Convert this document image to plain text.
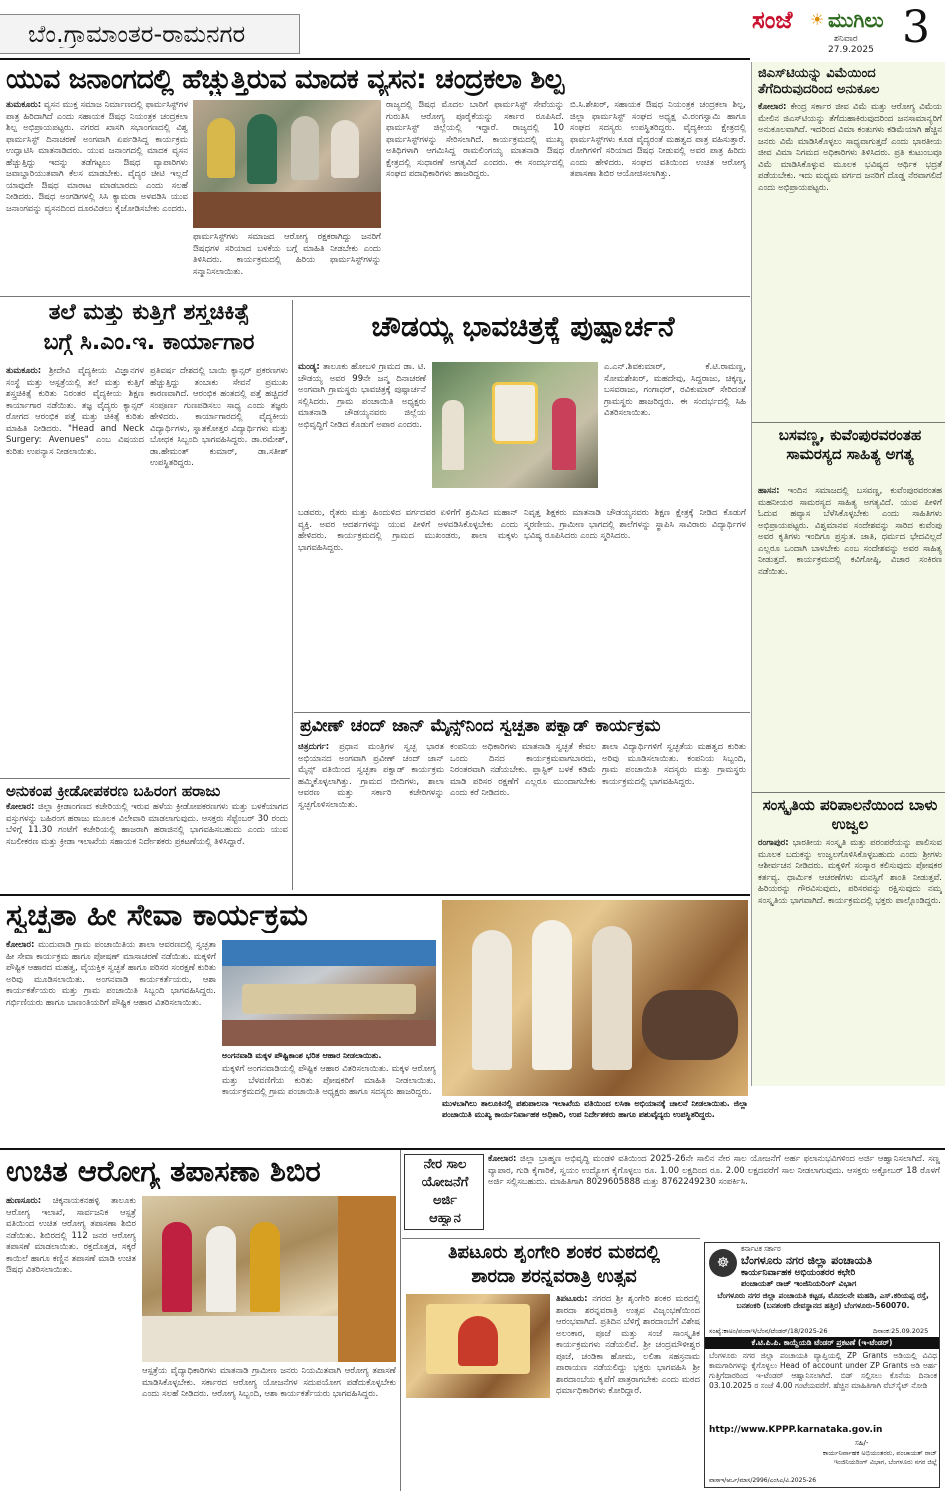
ಬೆಂ.ಗ್ರಾಮಾಂತರ-ರಾಮನಗರ	ಸಂಜೆ ☀ ಮುಗಿಲು
ಶನಿವಾರ
27.9.2025 3
ಯುವ ಜನಾಂಗದಲ್ಲಿ ಹೆಚ್ಚುತ್ತಿರುವ ಮಾದಕ ವ್ಯಸನ: ಚಂದ್ರಕಲಾ ಶಿಲ್ಪ
ತುಮಕೂರು: ವ್ಯಸನ ಮುಕ್ತ ಸಮಾಜ ನಿರ್ಮಾಣದಲ್ಲಿ ಫಾರ್ಮಸಿಸ್ಟ್‌ಗಳ ಪಾತ್ರ ಹಿರಿದಾಗಿದೆ ಎಂದು ಸಹಾಯಕ ಔಷಧ ನಿಯಂತ್ರಕ ಚಂದ್ರಕಲಾ ಶಿಲ್ಪ ಅಭಿಪ್ರಾಯಪಟ್ಟರು. ನಗರದ ಖಾಸಗಿ ಸಭಾಂಗಣದಲ್ಲಿ ವಿಶ್ವ ಫಾರ್ಮಸಿಸ್ಟ್ ದಿನಾಚರಣೆ ಅಂಗವಾಗಿ ಏರ್ಪಡಿಸಿದ್ದ ಕಾರ್ಯಕ್ರಮ ಉದ್ಘಾಟಿಸಿ ಮಾತನಾಡಿದರು. ಯುವ ಜನಾಂಗದಲ್ಲಿ ಮಾದಕ ವ್ಯಸನ ಹೆಚ್ಚುತ್ತಿದ್ದು ಇದನ್ನು ತಡೆಗಟ್ಟಲು ಔಷಧ ವ್ಯಾಪಾರಿಗಳು ಜವಾಬ್ದಾರಿಯುತವಾಗಿ ಕೆಲಸ ಮಾಡಬೇಕು. ವೈದ್ಯರ ಚೀಟಿ ಇಲ್ಲದೆ ಯಾವುದೇ ಔಷಧ ಮಾರಾಟ ಮಾಡಬಾರದು ಎಂದು ಸಲಹೆ ನೀಡಿದರು. ಔಷಧ ಅಂಗಡಿಗಳಲ್ಲಿ ಸಿಸಿ ಕ್ಯಾಮರಾ ಅಳವಡಿಸಿ ಯುವ ಜನಾಂಗವನ್ನು ವ್ಯಸನದಿಂದ ದೂರವಿಡಲು ಕೈಜೋಡಿಸಬೇಕು ಎಂದರು.
ಫಾರ್ಮಸಿಸ್ಟ್‌ಗಳು ಸಮಾಜದ ಆರೋಗ್ಯ ರಕ್ಷಕರಾಗಿದ್ದು ಜನರಿಗೆ ಔಷಧಗಳ ಸರಿಯಾದ ಬಳಕೆಯ ಬಗ್ಗೆ ಮಾಹಿತಿ ನೀಡಬೇಕು ಎಂದು ತಿಳಿಸಿದರು. ಕಾರ್ಯಕ್ರಮದಲ್ಲಿ ಹಿರಿಯ ಫಾರ್ಮಸಿಸ್ಟ್‌ಗಳನ್ನು ಸನ್ಮಾನಿಸಲಾಯಿತು.
ರಾಜ್ಯದಲ್ಲಿ ಔಷಧ ಮೊದಲ ಬಾರಿಗೆ ಫಾರ್ಮಸಿಸ್ಟ್ ಸೇವೆಯನ್ನು ಗುರುತಿಸಿ ಆರೋಗ್ಯ ಪೂರೈಕೆಯನ್ನು ಸರ್ಕಾರ ರೂಪಿಸಿದೆ. ಫಾರ್ಮಸಿಸ್ಟ್ ಜಿಲ್ಲೆಯಲ್ಲಿ ಇದ್ದಾರೆ. ರಾಜ್ಯದಲ್ಲಿ 10 ಫಾರ್ಮಸಿಸ್ಟ್‌ಗಳನ್ನು ಸೇರಿಸಲಾಗಿದೆ. ಕಾರ್ಯಕ್ರಮದಲ್ಲಿ ಮುಖ್ಯ ಅತಿಥಿಗಳಾಗಿ ಆಗಮಿಸಿದ್ದ ರಾಮಲಿಂಗಯ್ಯ ಮಾತನಾಡಿ ಔಷಧ ಕ್ಷೇತ್ರದಲ್ಲಿ ಸುಧಾರಣೆ ಅಗತ್ಯವಿದೆ ಎಂದರು. ಈ ಸಂದರ್ಭದಲ್ಲಿ ಸಂಘದ ಪದಾಧಿಕಾರಿಗಳು ಹಾಜರಿದ್ದರು.
ಬಿ.ಸಿ.ಶೇಖರ್, ಸಹಾಯಕ ಔಷಧ ನಿಯಂತ್ರಕ ಚಂದ್ರಕಲಾ ಶಿಲ್ಪ, ಜಿಲ್ಲಾ ಫಾರ್ಮಸಿಸ್ಟ್ ಸಂಘದ ಅಧ್ಯಕ್ಷ ವಿ.ರಂಗಸ್ವಾಮಿ ಹಾಗೂ ಸಂಘದ ಸದಸ್ಯರು ಉಪಸ್ಥಿತರಿದ್ದರು. ವೈದ್ಯಕೀಯ ಕ್ಷೇತ್ರದಲ್ಲಿ ಫಾರ್ಮಸಿಸ್ಟ್‌ಗಳು ಕೂಡ ವೈದ್ಯರಂತೆ ಮಹತ್ವದ ಪಾತ್ರ ವಹಿಸುತ್ತಾರೆ. ರೋಗಿಗಳಿಗೆ ಸರಿಯಾದ ಔಷಧ ನೀಡುವಲ್ಲಿ ಅವರ ಪಾತ್ರ ಹಿರಿದು ಎಂದು ಹೇಳಿದರು. ಸಂಘದ ವತಿಯಿಂದ ಉಚಿತ ಆರೋಗ್ಯ ತಪಾಸಣಾ ಶಿಬಿರ ಆಯೋಜಿಸಲಾಗಿತ್ತು.
ತಲೆ ಮತ್ತು ಕುತ್ತಿಗೆ ಶಸ್ತ್ರಚಿಕಿತ್ಸೆ
ಬಗ್ಗೆ ಸಿ.ಎಂ.ಇ. ಕಾರ್ಯಾಗಾರ
ತುಮಕೂರು: ಶ್ರೀದೇವಿ ವೈದ್ಯಕೀಯ ವಿಜ್ಞಾನಗಳ ಸಂಸ್ಥೆ ಮತ್ತು ಆಸ್ಪತ್ರೆಯಲ್ಲಿ ತಲೆ ಮತ್ತು ಕುತ್ತಿಗೆ ಶಸ್ತ್ರಚಿಕಿತ್ಸೆ ಕುರಿತು ನಿರಂತರ ವೈದ್ಯಕೀಯ ಶಿಕ್ಷಣ ಕಾರ್ಯಾಗಾರ ನಡೆಯಿತು. ತಜ್ಞ ವೈದ್ಯರು ಕ್ಯಾನ್ಸರ್ ರೋಗದ ಆರಂಭಿಕ ಪತ್ತೆ ಮತ್ತು ಚಿಕಿತ್ಸೆ ಕುರಿತು ಮಾಹಿತಿ ನೀಡಿದರು. "Head and Neck Surgery: Avenues" ಎಂಬ ವಿಷಯದ ಕುರಿತು ಉಪನ್ಯಾಸ ನೀಡಲಾಯಿತು.
ಪ್ರತಿವರ್ಷ ದೇಶದಲ್ಲಿ ಬಾಯಿ ಕ್ಯಾನ್ಸರ್ ಪ್ರಕರಣಗಳು ಹೆಚ್ಚುತ್ತಿದ್ದು ತಂಬಾಕು ಸೇವನೆ ಪ್ರಮುಖ ಕಾರಣವಾಗಿದೆ. ಆರಂಭಿಕ ಹಂತದಲ್ಲಿ ಪತ್ತೆ ಹಚ್ಚಿದರೆ ಸಂಪೂರ್ಣ ಗುಣಪಡಿಸಲು ಸಾಧ್ಯ ಎಂದು ತಜ್ಞರು ಹೇಳಿದರು. ಕಾರ್ಯಾಗಾರದಲ್ಲಿ ವೈದ್ಯಕೀಯ ವಿದ್ಯಾರ್ಥಿಗಳು, ಸ್ನಾತಕೋತ್ತರ ವಿದ್ಯಾರ್ಥಿಗಳು ಮತ್ತು ಬೋಧಕ ಸಿಬ್ಬಂದಿ ಭಾಗವಹಿಸಿದ್ದರು. ಡಾ.ರಮೇಶ್, ಡಾ.ಹೇಮಂತ್ ಕುಮಾರ್, ಡಾ.ಸತೀಶ್ ಉಪಸ್ಥಿತರಿದ್ದರು.
ಅನುಕಂಪ ಕ್ರೀಡೋಪಕರಣ ಬಹಿರಂಗ ಹರಾಜು
ಕೋಲಾರ: ಜಿಲ್ಲಾ ಕ್ರೀಡಾಂಗಣದ ಕಚೇರಿಯಲ್ಲಿ ಇರುವ ಹಳೆಯ ಕ್ರೀಡೋಪಕರಣಗಳು ಮತ್ತು ಬಳಕೆಯಾಗದ ವಸ್ತುಗಳನ್ನು ಬಹಿರಂಗ ಹರಾಜು ಮೂಲಕ ವಿಲೇವಾರಿ ಮಾಡಲಾಗುವುದು. ಆಸಕ್ತರು ಸೆಪ್ಟೆಂಬರ್ 30 ರಂದು ಬೆಳಿಗ್ಗೆ 11.30 ಗಂಟೆಗೆ ಕಚೇರಿಯಲ್ಲಿ ಹಾಜರಾಗಿ ಹರಾಜಿನಲ್ಲಿ ಭಾಗವಹಿಸಬಹುದು ಎಂದು ಯುವ ಸಬಲೀಕರಣ ಮತ್ತು ಕ್ರೀಡಾ ಇಲಾಖೆಯ ಸಹಾಯಕ ನಿರ್ದೇಶಕರು ಪ್ರಕಟಣೆಯಲ್ಲಿ ತಿಳಿಸಿದ್ದಾರೆ.
ಚೌಡಯ್ಯ ಭಾವಚಿತ್ರಕ್ಕೆ ಪುಷ್ಪಾರ್ಚನೆ
ಮಂಡ್ಯ: ತಾಲೂಕು ಹೋಬಳಿ ಗ್ರಾಮದ ಡಾ. ಟಿ. ಚೌಡಯ್ಯ ಅವರ 99ನೇ ಜನ್ಮ ದಿನಾಚರಣೆ ಅಂಗವಾಗಿ ಗ್ರಾಮಸ್ಥರು ಭಾವಚಿತ್ರಕ್ಕೆ ಪುಷ್ಪಾರ್ಚನೆ ಸಲ್ಲಿಸಿದರು. ಗ್ರಾಮ ಪಂಚಾಯಿತಿ ಅಧ್ಯಕ್ಷರು ಮಾತನಾಡಿ ಚೌಡಯ್ಯನವರು ಜಿಲ್ಲೆಯ ಅಭಿವೃದ್ಧಿಗೆ ನೀಡಿದ ಕೊಡುಗೆ ಅಪಾರ ಎಂದರು.
ಎ.ಎನ್.ಶಿವಕುಮಾರ್, ಕೆ.ಟಿ.ರಾಮಣ್ಣ, ಸೋಮಶೇಖರ್, ಮಹದೇವು, ಸಿದ್ದರಾಜು, ಚಿಕ್ಕಣ್ಣ, ಬಸವರಾಜು, ಗಂಗಾಧರ್, ರವಿಕುಮಾರ್ ಸೇರಿದಂತೆ ಗ್ರಾಮಸ್ಥರು ಹಾಜರಿದ್ದರು. ಈ ಸಂದರ್ಭದಲ್ಲಿ ಸಿಹಿ ವಿತರಿಸಲಾಯಿತು.
ಬಡವರು, ರೈತರು ಮತ್ತು ಹಿಂದುಳಿದ ವರ್ಗದವರ ಏಳಿಗೆಗೆ ಶ್ರಮಿಸಿದ ಮಹಾನ್ ವ್ಯಕ್ತಿ. ಅವರ ಆದರ್ಶಗಳನ್ನು ಯುವ ಪೀಳಿಗೆ ಅಳವಡಿಸಿಕೊಳ್ಳಬೇಕು ಎಂದು ಹೇಳಿದರು. ಕಾರ್ಯಕ್ರಮದಲ್ಲಿ ಗ್ರಾಮದ ಮುಖಂಡರು, ಶಾಲಾ ಮಕ್ಕಳು ಭಾಗವಹಿಸಿದ್ದರು.
ನಿವೃತ್ತ ಶಿಕ್ಷಕರು ಮಾತನಾಡಿ ಚೌಡಯ್ಯನವರು ಶಿಕ್ಷಣ ಕ್ಷೇತ್ರಕ್ಕೆ ನೀಡಿದ ಕೊಡುಗೆ ಸ್ಮರಣೀಯ. ಗ್ರಾಮೀಣ ಭಾಗದಲ್ಲಿ ಶಾಲೆಗಳನ್ನು ಸ್ಥಾಪಿಸಿ ಸಾವಿರಾರು ವಿದ್ಯಾರ್ಥಿಗಳ ಭವಿಷ್ಯ ರೂಪಿಸಿದರು ಎಂದು ಸ್ಮರಿಸಿದರು.
ಪ್ರವೀಣ್ ಚಂದ್ ಜಾನ್ ಮೈನ್ಸ್‌ನಿಂದ ಸ್ವಚ್ಛತಾ ಪಕ್ವಾಡ್ ಕಾರ್ಯಕ್ರಮ
ಚಿತ್ರದುರ್ಗ: ಪ್ರಧಾನ ಮಂತ್ರಿಗಳ ಸ್ವಚ್ಛ ಭಾರತ ಅಭಿಯಾನದ ಅಂಗವಾಗಿ ಪ್ರವೀಣ್ ಚಂದ್ ಜಾನ್ ಮೈನ್ಸ್ ವತಿಯಿಂದ ಸ್ವಚ್ಛತಾ ಪಕ್ವಾಡ್ ಕಾರ್ಯಕ್ರಮ ಹಮ್ಮಿಕೊಳ್ಳಲಾಗಿತ್ತು. ಗ್ರಾಮದ ಬೀದಿಗಳು, ಶಾಲಾ ಆವರಣ ಮತ್ತು ಸರ್ಕಾರಿ ಕಚೇರಿಗಳನ್ನು ಸ್ವಚ್ಛಗೊಳಿಸಲಾಯಿತು.
ಕಂಪನಿಯ ಅಧಿಕಾರಿಗಳು ಮಾತನಾಡಿ ಸ್ವಚ್ಛತೆ ಕೇವಲ ಒಂದು ದಿನದ ಕಾರ್ಯಕ್ರಮವಾಗಬಾರದು, ನಿರಂತರವಾಗಿ ನಡೆಯಬೇಕು. ಪ್ಲಾಸ್ಟಿಕ್ ಬಳಕೆ ಕಡಿಮೆ ಮಾಡಿ ಪರಿಸರ ರಕ್ಷಣೆಗೆ ಎಲ್ಲರೂ ಮುಂದಾಗಬೇಕು ಎಂದು ಕರೆ ನೀಡಿದರು.
ಶಾಲಾ ವಿದ್ಯಾರ್ಥಿಗಳಿಗೆ ಸ್ವಚ್ಛತೆಯ ಮಹತ್ವದ ಕುರಿತು ಅರಿವು ಮೂಡಿಸಲಾಯಿತು. ಕಂಪನಿಯ ಸಿಬ್ಬಂದಿ, ಗ್ರಾಮ ಪಂಚಾಯಿತಿ ಸದಸ್ಯರು ಮತ್ತು ಗ್ರಾಮಸ್ಥರು ಕಾರ್ಯಕ್ರಮದಲ್ಲಿ ಭಾಗವಹಿಸಿದ್ದರು.
ಸ್ವಚ್ಛತಾ ಹೀ ಸೇವಾ ಕಾರ್ಯಕ್ರಮ
ಕೋಲಾರ: ಮುದುವಾಡಿ ಗ್ರಾಮ ಪಂಚಾಯಿತಿಯ ಶಾಲಾ ಆವರಣದಲ್ಲಿ ಸ್ವಚ್ಛತಾ ಹೀ ಸೇವಾ ಕಾರ್ಯಕ್ರಮ ಹಾಗೂ ಪೋಷಣ್ ಮಾಸಾಚರಣೆ ನಡೆಯಿತು. ಮಕ್ಕಳಿಗೆ ಪೌಷ್ಟಿಕ ಆಹಾರದ ಮಹತ್ವ, ವೈಯಕ್ತಿಕ ಸ್ವಚ್ಛತೆ ಹಾಗೂ ಪರಿಸರ ಸಂರಕ್ಷಣೆ ಕುರಿತು ಅರಿವು ಮೂಡಿಸಲಾಯಿತು. ಅಂಗನವಾಡಿ ಕಾರ್ಯಕರ್ತೆಯರು, ಆಶಾ ಕಾರ್ಯಕರ್ತೆಯರು ಮತ್ತು ಗ್ರಾಮ ಪಂಚಾಯಿತಿ ಸಿಬ್ಬಂದಿ ಭಾಗವಹಿಸಿದ್ದರು. ಗರ್ಭಿಣಿಯರು ಹಾಗೂ ಬಾಣಂತಿಯರಿಗೆ ಪೌಷ್ಟಿಕ ಆಹಾರ ವಿತರಿಸಲಾಯಿತು.
ಅಂಗನವಾಡಿ ಮಕ್ಕಳ ಪೌಷ್ಟಿಕಾಂಶ ಭರಿತ ಆಹಾರ ನೀಡಲಾಯಿತು.
ಮಕ್ಕಳಿಗೆ ಅಂಗನವಾಡಿಯಲ್ಲಿ ಪೌಷ್ಟಿಕ ಆಹಾರ ವಿತರಿಸಲಾಯಿತು. ಮಕ್ಕಳ ಆರೋಗ್ಯ ಮತ್ತು ಬೆಳವಣಿಗೆಯ ಕುರಿತು ಪೋಷಕರಿಗೆ ಮಾಹಿತಿ ನೀಡಲಾಯಿತು. ಕಾರ್ಯಕ್ರಮದಲ್ಲಿ ಗ್ರಾಮ ಪಂಚಾಯಿತಿ ಅಧ್ಯಕ್ಷರು ಹಾಗೂ ಸದಸ್ಯರು ಹಾಜರಿದ್ದರು.
ಮುಳಬಾಗಿಲು ತಾಲೂಕಿನಲ್ಲಿ ಪಶುಪಾಲನಾ ಇಲಾಖೆಯ ವತಿಯಿಂದ ಲಸಿಕಾ ಅಭಿಯಾನಕ್ಕೆ ಚಾಲನೆ ನೀಡಲಾಯಿತು. ಜಿಲ್ಲಾ ಪಂಚಾಯಿತಿ ಮುಖ್ಯ ಕಾರ್ಯನಿರ್ವಾಹಕ ಅಧಿಕಾರಿ, ಉಪ ನಿರ್ದೇಶಕರು ಹಾಗೂ ಪಶುವೈದ್ಯರು ಉಪಸ್ಥಿತರಿದ್ದರು.
ಉಚಿತ ಆರೋಗ್ಯ ತಪಾಸಣಾ ಶಿಬಿರ
ಹುಣಸೂರು: ಚಿಕ್ಕನಾಯಕನಹಳ್ಳಿ ತಾಲೂಕು ಆರೋಗ್ಯ ಇಲಾಖೆ, ಸಾರ್ವಜನಿಕ ಆಸ್ಪತ್ರೆ ವತಿಯಿಂದ ಉಚಿತ ಆರೋಗ್ಯ ತಪಾಸಣಾ ಶಿಬಿರ ನಡೆಯಿತು. ಶಿಬಿರದಲ್ಲಿ 112 ಜನರ ಆರೋಗ್ಯ ತಪಾಸಣೆ ಮಾಡಲಾಯಿತು. ರಕ್ತದೊತ್ತಡ, ಸಕ್ಕರೆ ಕಾಯಿಲೆ ಹಾಗೂ ಕಣ್ಣಿನ ತಪಾಸಣೆ ಮಾಡಿ ಉಚಿತ ಔಷಧ ವಿತರಿಸಲಾಯಿತು.
ಆಸ್ಪತ್ರೆಯ ವೈದ್ಯಾಧಿಕಾರಿಗಳು ಮಾತನಾಡಿ ಗ್ರಾಮೀಣ ಜನರು ನಿಯಮಿತವಾಗಿ ಆರೋಗ್ಯ ತಪಾಸಣೆ ಮಾಡಿಸಿಕೊಳ್ಳಬೇಕು. ಸರ್ಕಾರದ ಆರೋಗ್ಯ ಯೋಜನೆಗಳ ಸದುಪಯೋಗ ಪಡೆದುಕೊಳ್ಳಬೇಕು ಎಂದು ಸಲಹೆ ನೀಡಿದರು. ಆರೋಗ್ಯ ಸಿಬ್ಬಂದಿ, ಆಶಾ ಕಾರ್ಯಕರ್ತೆಯರು ಭಾಗವಹಿಸಿದ್ದರು.
ನೇರ ಸಾಲ
ಯೋಜನೆಗೆ
ಅರ್ಜಿ
ಆಹ್ವಾನ
ಕೋಲಾರ: ಜಿಲ್ಲಾ ಬ್ರಾಹ್ಮಣ ಅಭಿವೃದ್ಧಿ ಮಂಡಳಿ ವತಿಯಿಂದ 2025-26ನೇ ಸಾಲಿನ ನೇರ ಸಾಲ ಯೋಜನೆಗೆ ಅರ್ಹ ಫಲಾನುಭವಿಗಳಿಂದ ಅರ್ಜಿ ಆಹ್ವಾನಿಸಲಾಗಿದೆ. ಸಣ್ಣ ವ್ಯಾಪಾರ, ಗುಡಿ ಕೈಗಾರಿಕೆ, ಸ್ವಯಂ ಉದ್ಯೋಗ ಕೈಗೊಳ್ಳಲು ರೂ. 1.00 ಲಕ್ಷದಿಂದ ರೂ. 2.00 ಲಕ್ಷದವರೆಗೆ ಸಾಲ ನೀಡಲಾಗುವುದು. ಆಸಕ್ತರು ಅಕ್ಟೋಬರ್ 18 ರೊಳಗೆ ಅರ್ಜಿ ಸಲ್ಲಿಸಬಹುದು. ಮಾಹಿತಿಗಾಗಿ 8029605888 ಮತ್ತು 8762249230 ಸಂಪರ್ಕಿಸಿ.
ತಿಪಟೂರು ಶೃಂಗೇರಿ ಶಂಕರ ಮಠದಲ್ಲಿ
ಶಾರದಾ ಶರನ್ನವರಾತ್ರಿ ಉತ್ಸವ
ತಿಪಟೂರು: ನಗರದ ಶ್ರೀ ಶೃಂಗೇರಿ ಶಂಕರ ಮಠದಲ್ಲಿ ಶಾರದಾ ಶರನ್ನವರಾತ್ರಿ ಉತ್ಸವ ವಿಜೃಂಭಣೆಯಿಂದ ಆರಂಭವಾಗಿದೆ. ಪ್ರತಿದಿನ ಬೆಳಿಗ್ಗೆ ಶಾರದಾಂಬೆಗೆ ವಿಶೇಷ ಅಲಂಕಾರ, ಪೂಜೆ ಮತ್ತು ಸಂಜೆ ಸಾಂಸ್ಕೃತಿಕ ಕಾರ್ಯಕ್ರಮಗಳು ನಡೆಯಲಿವೆ. ಶ್ರೀ ಚಂದ್ರಮೌಳೀಶ್ವರ ಪೂಜೆ, ಚಂಡಿಕಾ ಹೋಮ, ಲಲಿತಾ ಸಹಸ್ರನಾಮ ಪಾರಾಯಣ ನಡೆಯಲಿದ್ದು ಭಕ್ತರು ಭಾಗವಹಿಸಿ ಶ್ರೀ ಶಾರದಾಂಬೆಯ ಕೃಪೆಗೆ ಪಾತ್ರರಾಗಬೇಕು ಎಂದು ಮಠದ ಧರ್ಮಾಧಿಕಾರಿಗಳು ಕೋರಿದ್ದಾರೆ.
☸
ಕರ್ನಾಟಕ ಸರ್ಕಾರ
ಬೆಂಗಳೂರು ನಗರ ಜಿಲ್ಲಾ ಪಂಚಾಯತಿ
ಕಾರ್ಯನಿರ್ವಾಹಕ ಅಭಿಯಂತರರ ಕಛೇರಿ
ಪಂಚಾಯತ್ ರಾಜ್ ಇಂಜಿನಿಯರಿಂಗ್ ವಿಭಾಗ
ಬೆಂಗಳೂರು ನಗರ ಜಿಲ್ಲಾ ಪಂಚಾಯತಿ ಕಟ್ಟಡ, ಮೊದಲನೇ ಮಹಡಿ, ಎಸ್.ಕರಿಯಪ್ಪ ರಸ್ತೆ, ಬನಶಂಕರಿ (ಬನಶಂಕರಿ ದೇವಸ್ಥಾನದ ಹತ್ತಿರ) ಬೆಂಗಳೂರು-560070.
ಸಂಖ್ಯೆ:ಕಾಅಂ/ಪಂರಾಇ/ಬೆಂನ/ಟೆಂಡರ್/18/2025-26	ದಿನಾಂಕ:25.09.2025
ಕೆ.ಟಿ.ಪಿ.ಪಿ. ಕಾಯ್ದೆಯಡಿ ಟೆಂಡರ್ ಪ್ರಕಟಣೆ (ಇ-ಟೆಂಡರ್)
ಬೆಂಗಳೂರು ನಗರ ಜಿಲ್ಲಾ ಪಂಚಾಯತಿ ವ್ಯಾಪ್ತಿಯಲ್ಲಿ ZP Grants ಅಡಿಯಲ್ಲಿ ವಿವಿಧ ಕಾಮಗಾರಿಗಳನ್ನು ಕೈಗೊಳ್ಳಲು Head of account under ZP Grants ಅಡಿ ಅರ್ಹ ಗುತ್ತಿಗೆದಾರರಿಂದ ಇ-ಟೆಂಡರ್ ಆಹ್ವಾನಿಸಲಾಗಿದೆ. ಬಿಡ್ ಸಲ್ಲಿಸಲು ಕೊನೆಯ ದಿನಾಂಕ 03.10.2025 ರ ಸಂಜೆ 4.00 ಗಂಟೆಯವರೆಗೆ. ಹೆಚ್ಚಿನ ಮಾಹಿತಿಗಾಗಿ ವೆಬ್‌ಸೈಟ್ ನೋಡಿ
http://www.KPPP.karnataka.gov.in
ಸಹಿ/-
ಕಾರ್ಯನಿರ್ವಾಹಕ ಅಭಿಯಂತರರು, ಪಂಚಾಯತ್ ರಾಜ್ ಇಂಜಿನಿಯರಿಂಗ್ ವಿಭಾಗ, ಬೆಂಗಳೂರು ನಗರ ಜಿಲ್ಲೆ
ವಾಸಾಇ/ಆರ್ಒ/ಮಾಸ/2996/ಎಂಸಿಎ/ವಿ.2025-26
ಜಿಎಸ್‌ಟಿಯನ್ನು ವಿಮೆಯಿಂದ ತೆಗೆದಿರುವುದರಿಂದ ಅನುಕೂಲ
ಕೋಲಾರ: ಕೇಂದ್ರ ಸರ್ಕಾರ ಜೀವ ವಿಮೆ ಮತ್ತು ಆರೋಗ್ಯ ವಿಮೆಯ ಮೇಲಿನ ಜಿಎಸ್‌ಟಿಯನ್ನು ತೆಗೆದುಹಾಕಿರುವುದರಿಂದ ಜನಸಾಮಾನ್ಯರಿಗೆ ಅನುಕೂಲವಾಗಿದೆ. ಇದರಿಂದ ವಿಮಾ ಕಂತುಗಳು ಕಡಿಮೆಯಾಗಿ ಹೆಚ್ಚಿನ ಜನರು ವಿಮೆ ಮಾಡಿಸಿಕೊಳ್ಳಲು ಸಾಧ್ಯವಾಗುತ್ತದೆ ಎಂದು ಭಾರತೀಯ ಜೀವ ವಿಮಾ ನಿಗಮದ ಅಧಿಕಾರಿಗಳು ತಿಳಿಸಿದರು. ಪ್ರತಿ ಕುಟುಂಬವೂ ವಿಮೆ ಮಾಡಿಸಿಕೊಳ್ಳುವ ಮೂಲಕ ಭವಿಷ್ಯದ ಆರ್ಥಿಕ ಭದ್ರತೆ ಪಡೆಯಬೇಕು. ಇದು ಮಧ್ಯಮ ವರ್ಗದ ಜನರಿಗೆ ದೊಡ್ಡ ನೆರವಾಗಲಿದೆ ಎಂದು ಅಭಿಪ್ರಾಯಪಟ್ಟರು.
ಬಸವಣ್ಣ, ಕುವೆಂಪುರವರಂತಹ ಸಾಮರಸ್ಯದ ಸಾಹಿತ್ಯ ಅಗತ್ಯ
ಹಾಸನ: ಇಂದಿನ ಸಮಾಜದಲ್ಲಿ ಬಸವಣ್ಣ, ಕುವೆಂಪುರವರಂತಹ ಮಹನೀಯರ ಸಾಮರಸ್ಯದ ಸಾಹಿತ್ಯ ಅಗತ್ಯವಿದೆ. ಯುವ ಪೀಳಿಗೆ ಓದುವ ಹವ್ಯಾಸ ಬೆಳೆಸಿಕೊಳ್ಳಬೇಕು ಎಂದು ಸಾಹಿತಿಗಳು ಅಭಿಪ್ರಾಯಪಟ್ಟರು. ವಿಶ್ವಮಾನವ ಸಂದೇಶವನ್ನು ಸಾರಿದ ಕುವೆಂಪು ಅವರ ಕೃತಿಗಳು ಇಂದಿಗೂ ಪ್ರಸ್ತುತ. ಜಾತಿ, ಧರ್ಮದ ಭೇದವಿಲ್ಲದೆ ಎಲ್ಲರೂ ಒಂದಾಗಿ ಬಾಳಬೇಕು ಎಂಬ ಸಂದೇಶವನ್ನು ಅವರ ಸಾಹಿತ್ಯ ನೀಡುತ್ತದೆ. ಕಾರ್ಯಕ್ರಮದಲ್ಲಿ ಕವಿಗೋಷ್ಠಿ, ವಿಚಾರ ಸಂಕಿರಣ ನಡೆಯಿತು.
ಸಂಸ್ಕೃತಿಯ ಪರಿಪಾಲನೆಯಿಂದ ಬಾಳು ಉಜ್ವಲ
ರಂಗಾಪುರ: ಭಾರತೀಯ ಸಂಸ್ಕೃತಿ ಮತ್ತು ಪರಂಪರೆಯನ್ನು ಪಾಲಿಸುವ ಮೂಲಕ ಬದುಕನ್ನು ಉಜ್ವಲಗೊಳಿಸಿಕೊಳ್ಳಬಹುದು ಎಂದು ಶ್ರೀಗಳು ಆಶೀರ್ವಚನ ನೀಡಿದರು. ಮಕ್ಕಳಿಗೆ ಸಂಸ್ಕಾರ ಕಲಿಸುವುದು ಪೋಷಕರ ಕರ್ತವ್ಯ. ಧಾರ್ಮಿಕ ಆಚರಣೆಗಳು ಮನಸ್ಸಿಗೆ ಶಾಂತಿ ನೀಡುತ್ತವೆ. ಹಿರಿಯರನ್ನು ಗೌರವಿಸುವುದು, ಪರಿಸರವನ್ನು ರಕ್ಷಿಸುವುದು ನಮ್ಮ ಸಂಸ್ಕೃತಿಯ ಭಾಗವಾಗಿದೆ. ಕಾರ್ಯಕ್ರಮದಲ್ಲಿ ಭಕ್ತರು ಪಾಲ್ಗೊಂಡಿದ್ದರು.
